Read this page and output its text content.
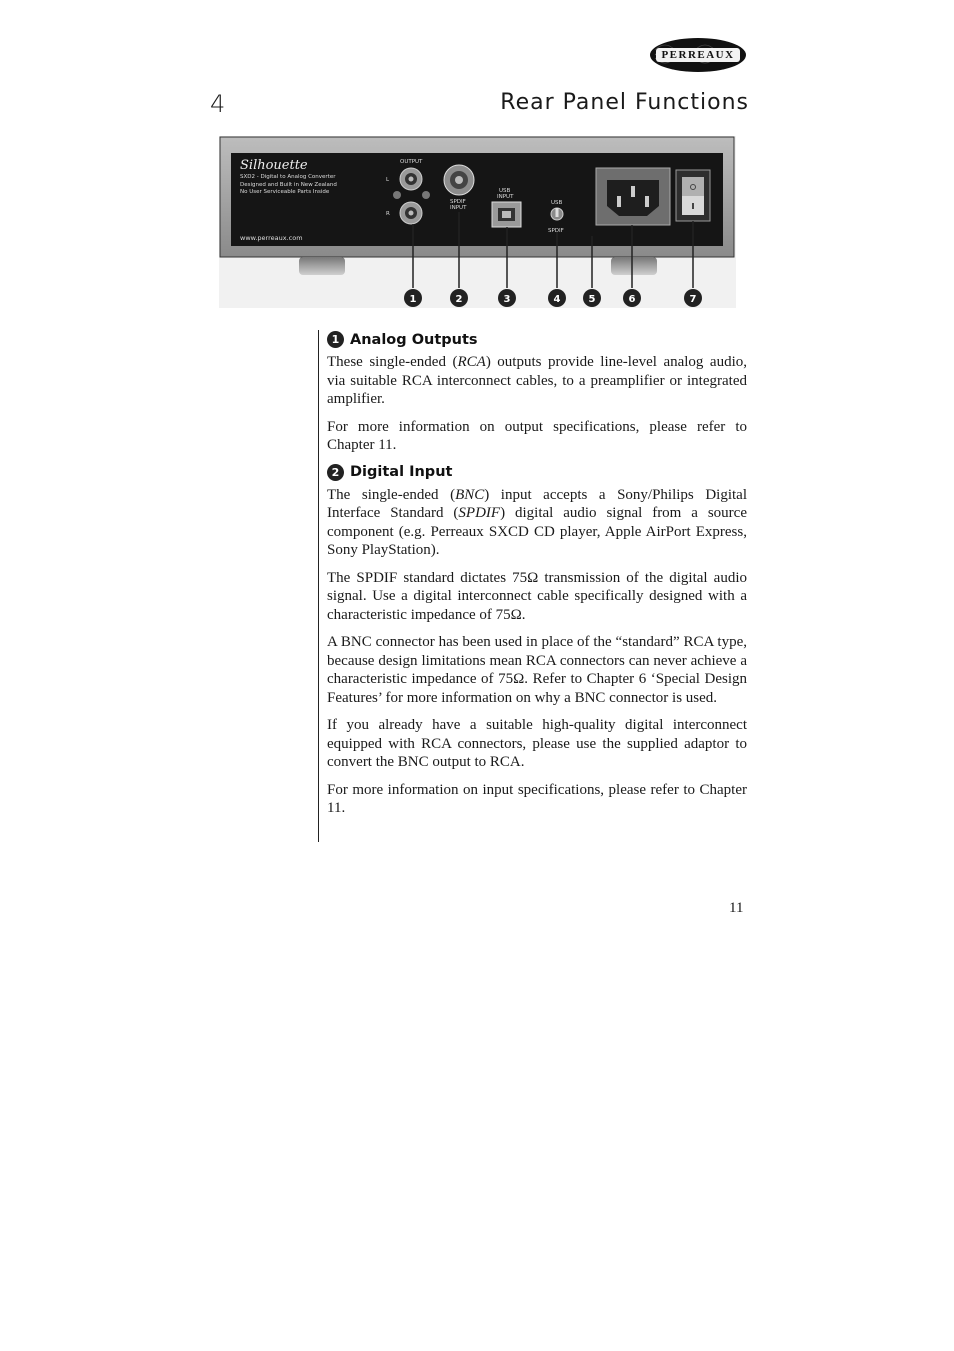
PERREAUX
4	Rear Panel Functions
Silhouette
SXD2 - Digital to Analog Converter
Designed and Built in New Zealand
No User Serviceable Parts Inside
www.perreaux.com
OUTPUT
L
R
SPDIF
INPUT
USB
INPUT
USB
SPDIF
1	2	3	4	5	6	7
1 Analog Outputs

These single-ended (RCA) outputs provide line-level analog audio, via suitable RCA interconnect cables, to a preamplifier or integrated amplifier.

For more information on output specifications, please refer to Chapter 11.

2 Digital Input

The single-ended (BNC) input accepts a Sony/Philips Digital Interface Standard (SPDIF) digital audio signal from a source component (e.g. Perreaux SXCD CD player, Apple AirPort Express, Sony PlayStation).

The SPDIF standard dictates 75Ω transmission of the digital audio signal. Use a digital interconnect cable specifically designed with a characteristic impedance of 75Ω.

A BNC connector has been used in place of the “standard” RCA type, because design limitations mean RCA connectors can never achieve a characteristic impedance of 75Ω. Refer to Chapter 6 ‘Special Design Features’ for more information on why a BNC connector is used.

If you already have a suitable high-quality digital interconnect equipped with RCA connectors, please use the supplied adaptor to convert the BNC output to RCA.

For more information on input specifications, please refer to Chapter 11.

11
